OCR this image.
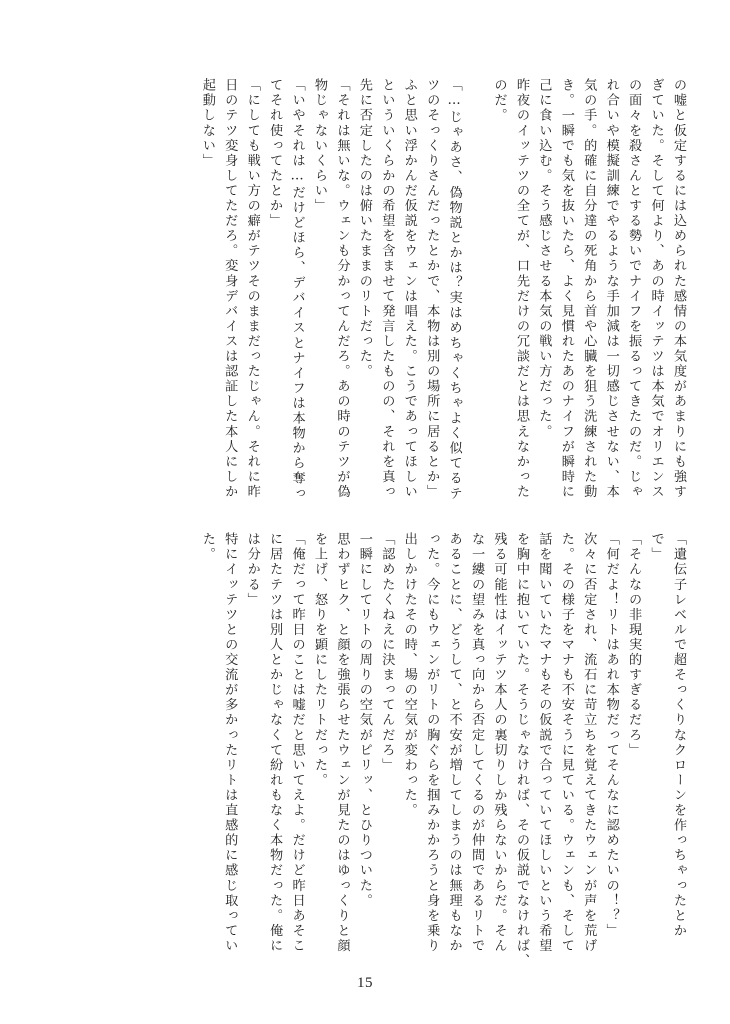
の嘘と仮定するには込められた感情の本気度があまりにも強す
ぎていた。そして何より、あの時イッテツは本気でオリエンス
の面々を殺さんとする勢いでナイフを振るってきたのだ。じゃ
れ合いや模擬訓練でやるような手加減は一切感じさせない、本
気の手。的確に自分達の死角から首や心臓を狙う洗練された動
き。一瞬でも気を抜いたら、よく見慣れたあのナイフが瞬時に
己に食い込む。そう感じさせる本気の戦い方だった。
昨夜のイッテツの全てが、口先だけの冗談だとは思えなかった
のだ。
「…じゃあさ、偽物説とかは？実はめちゃくちゃよく似てるテ
ツのそっくりさんだったとかで、本物は別の場所に居るとか」
ふと思い浮かんだ仮説をウェンは唱えた。こうであってほしい
といういくらかの希望を含ませて発言したものの、それを真っ
先に否定したのは俯いたままのリトだった。
「それは無いな。ウェンも分かってんだろ。あの時のテツが偽
物じゃないくらい」
「いやそれは…だけどほら、デバイスとナイフは本物から奪っ
てそれ使ってたとか」
「にしても戦い方の癖がテツそのままだったじゃん。それに昨
日のテツ変身してただろ。変身デバイスは認証した本人にしか
起動しない」
「遺伝子レベルで超そっくりなクローンを作っちゃったとか
で」
「そんなの非現実的すぎるだろ」
「何だよ！リトはあれ本物だってそんなに認めたいの！？」
次々に否定され、流石に苛立ちを覚えてきたウェンが声を荒げ
た。その様子をマナも不安そうに見ている。ウェンも、そして
話を聞いていたマナもその仮説で合っていてほしいという希望
を胸中に抱いていた。そうじゃなければ、その仮説でなければ、
残る可能性はイッテツ本人の裏切りしか残らないからだ。そん
な一縷の望みを真っ向から否定してくるのが仲間であるリトで
あることに、どうして、と不安が増してしまうのは無理もなか
った。今にもウェンがリトの胸ぐらを掴みかかろうと身を乗り
出しかけたその時、場の空気が変わった。
「認めたくねえに決まってんだろ」
一瞬にしてリトの周りの空気がピリッ、とひりついた。
思わずヒク、と顔を強張らせたウェンが見たのはゆっくりと顔
を上げ、怒りを顕にしたリトだった。
「俺だって昨日のことは嘘だと思いてえよ。だけど昨日あそこ
に居たテツは別人とかじゃなくて紛れもなく本物だった。俺に
は分かる」
特にイッテツとの交流が多かったリトは直感的に感じ取ってい
た。
15
